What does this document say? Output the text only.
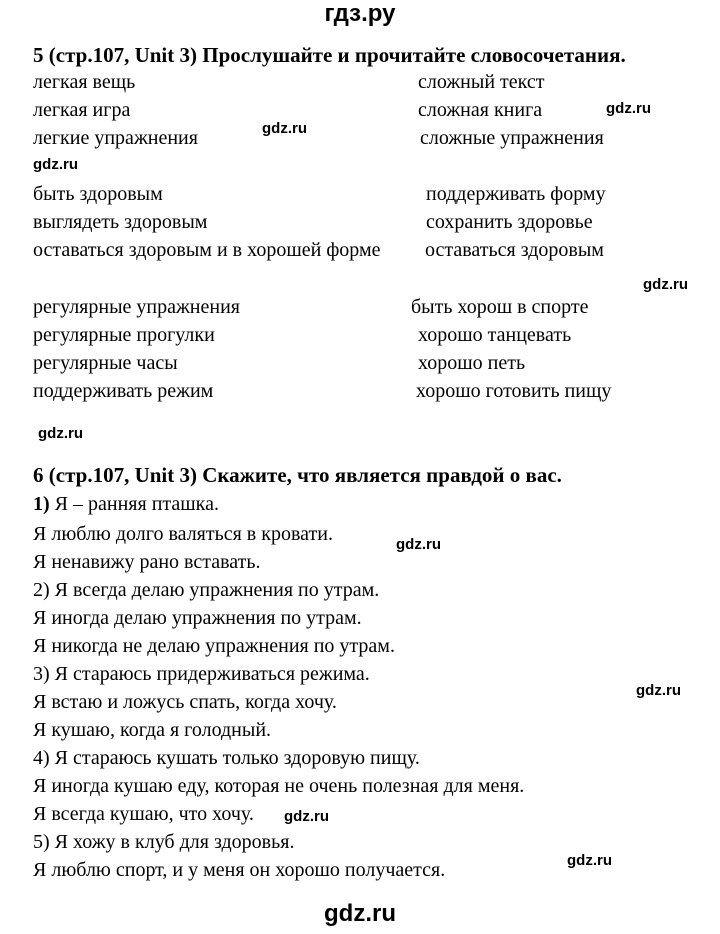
гдз.ру
5 (стр.107, Unit 3) Прослушайте и прочитайте словосочетания.
легкая вещь
легкая игра
легкие упражнения
сложный текст
сложная книга
сложные упражнения
быть здоровым
выглядеть здоровым
оставаться здоровым и в хорошей форме
поддерживать форму
сохранить здоровье
оставаться здоровым
регулярные упражнения
регулярные прогулки
регулярные часы
поддерживать режим
быть хорош в спорте
хорошо танцевать
хорошо петь
хорошо готовить пищу
6 (стр.107, Unit 3) Скажите, что является правдой о вас.
1) Я – ранняя пташка.
Я люблю долго валяться в кровати.
Я ненавижу рано вставать.
2) Я всегда делаю упражнения по утрам.
Я иногда делаю упражнения по утрам.
Я никогда не делаю упражнения по утрам.
3) Я стараюсь придерживаться режима.
Я встаю и ложусь спать, когда хочу.
Я кушаю, когда я голодный.
4) Я стараюсь кушать только здоровую пищу.
Я иногда кушаю еду, которая не очень полезная для меня.
Я всегда кушаю, что хочу.
5) Я хожу в клуб для здоровья.
Я люблю спорт, и у меня он хорошо получается.
gdz.ru
gdz.ru
gdz.ru
gdz.ru
gdz.ru
gdz.ru
gdz.ru
gdz.ru
gdz.ru
gdz.ru
